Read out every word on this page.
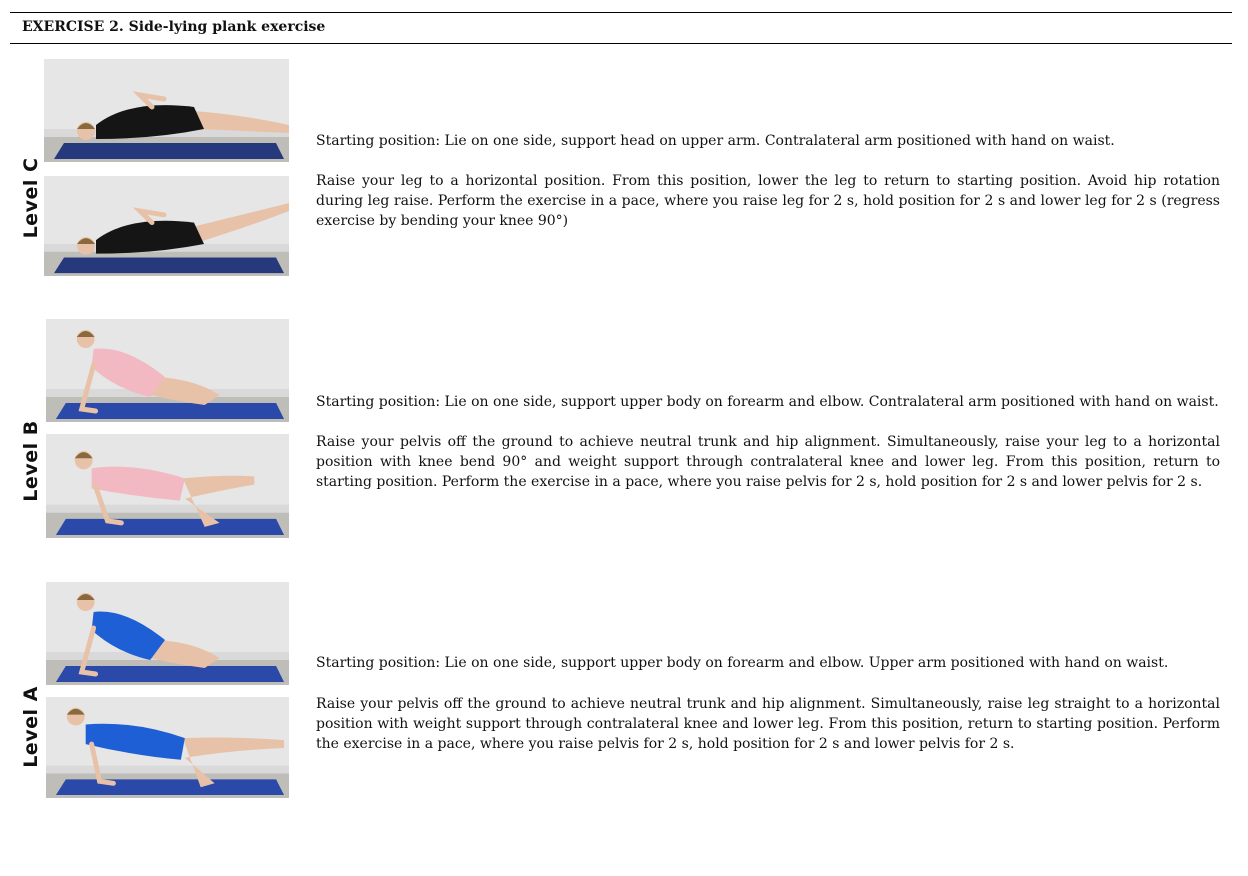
EXERCISE 2. Side-lying plank exercise
Level C
Starting position: Lie on one side, support head on upper arm. Contralateral arm positioned with hand on waist.
Raise your leg to a horizontal position. From this position, lower the leg to return to starting position. Avoid hip rotation during leg raise. Perform the exercise in a pace, where you raise leg for 2 s, hold position for 2 s and lower leg for 2 s (regress exercise by bending your knee 90°)
Level B
Starting position: Lie on one side, support upper body on forearm and elbow. Contralateral arm positioned with hand on waist.
Raise your pelvis off the ground to achieve neutral trunk and hip alignment. Simultaneously, raise your leg to a horizontal position with knee bend 90° and weight support through contralateral knee and lower leg. From this position, return to starting position. Perform the exercise in a pace, where you raise pelvis for 2 s, hold position for 2 s and lower pelvis for 2 s.
Level A
Starting position: Lie on one side, support upper body on forearm and elbow. Upper arm positioned with hand on waist.
Raise your pelvis off the ground to achieve neutral trunk and hip alignment. Simultaneously, raise leg straight to a horizontal position with weight support through contralateral knee and lower leg. From this position, return to starting position. Perform the exercise in a pace, where you raise pelvis for 2 s, hold position for 2 s and lower pelvis for 2 s.
